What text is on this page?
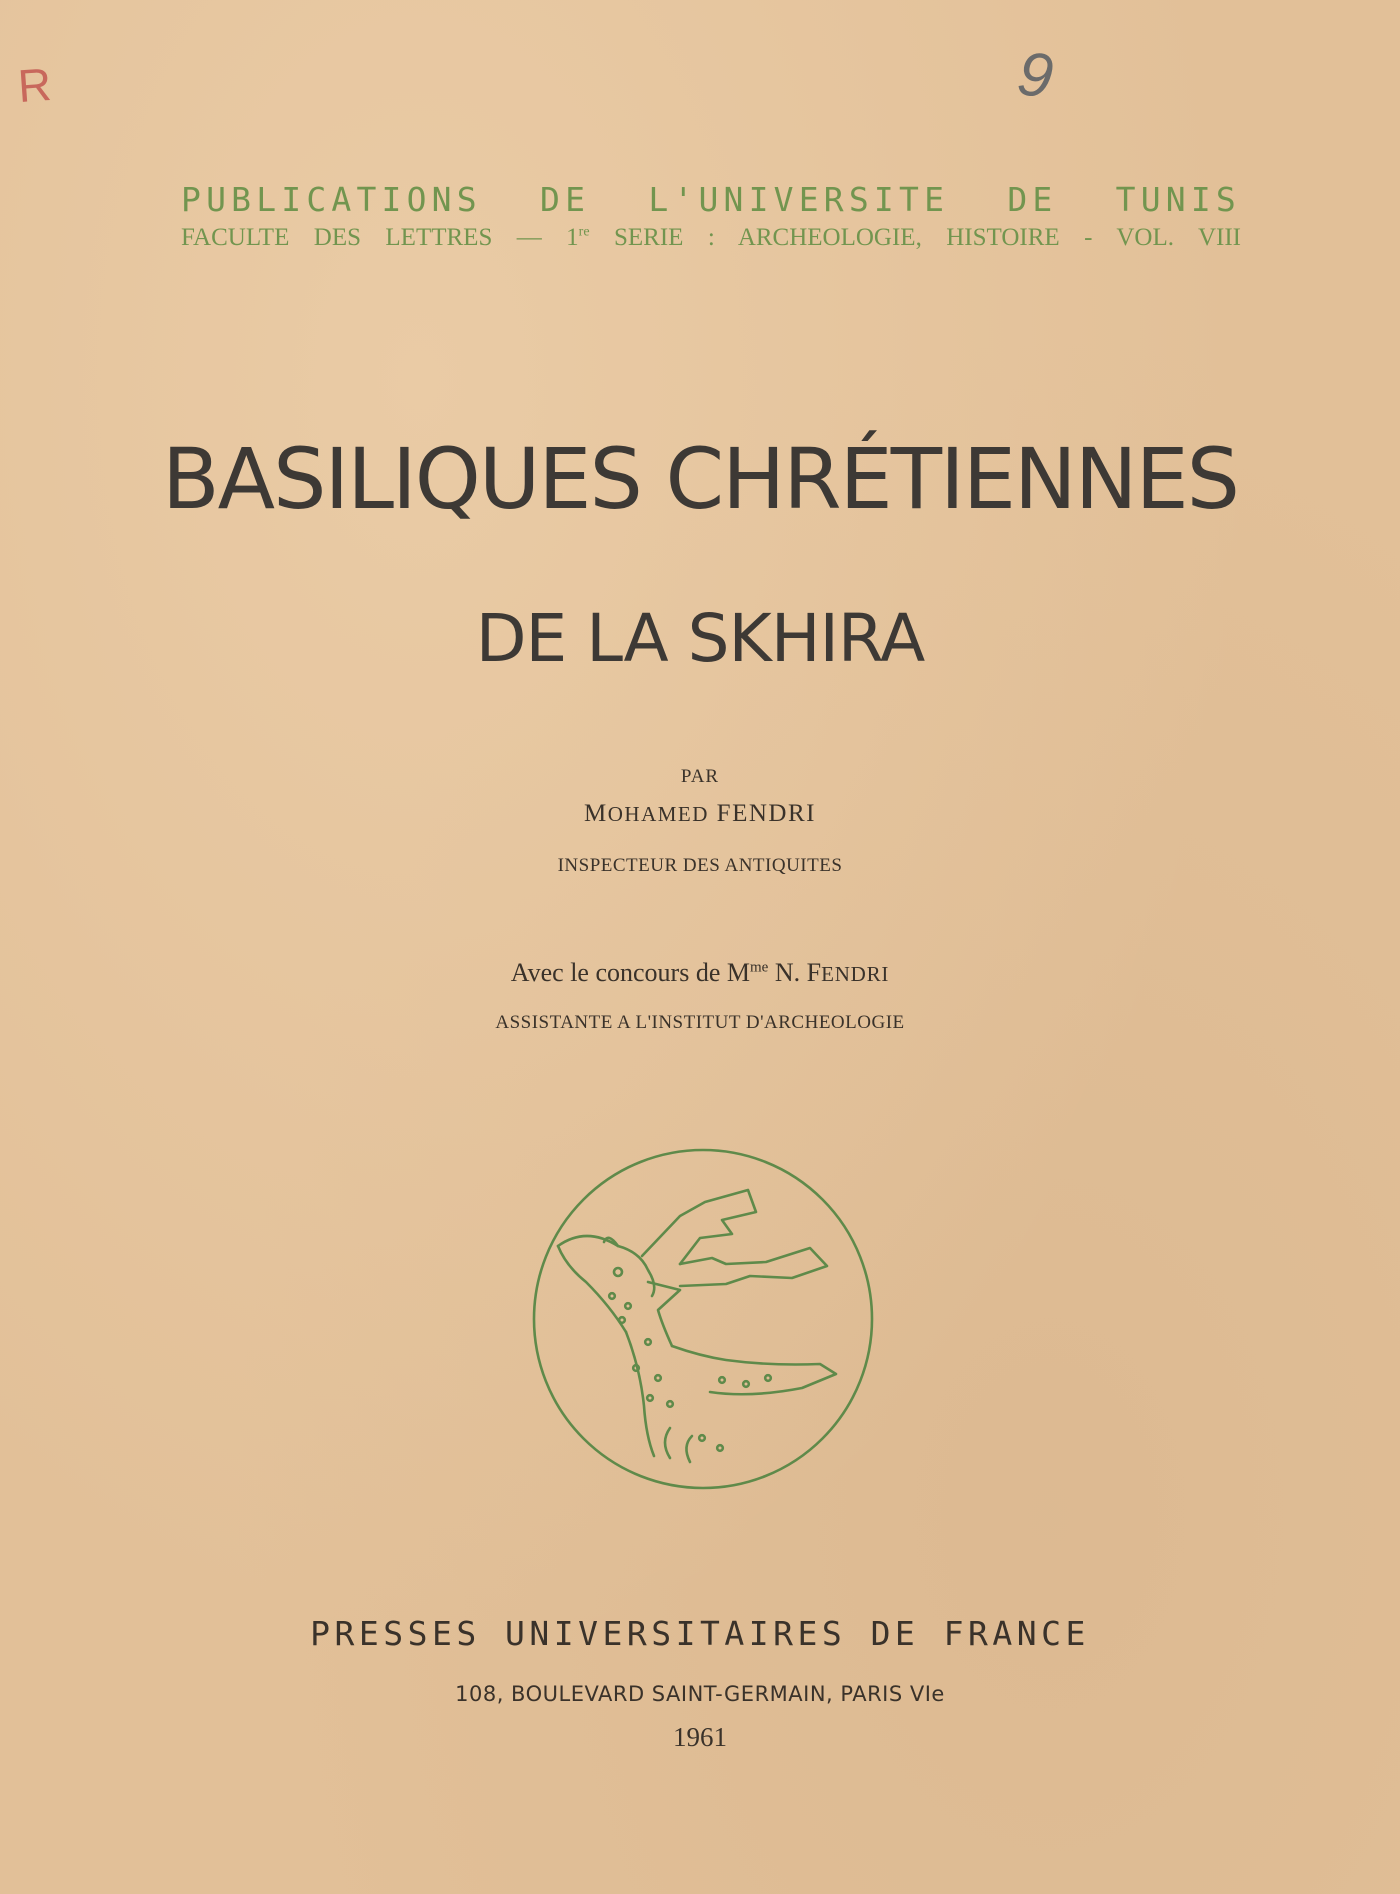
R	9
PUBLICATIONS DE L'UNIVERSITE DE TUNIS
FACULTE DES LETTRES — 1re SERIE : ARCHEOLOGIE, HISTOIRE - VOL. VIII
BASILIQUES CHRÉTIENNES
DE LA SKHIRA
PAR
MOHAMED FENDRI
INSPECTEUR DES ANTIQUITES
Avec le concours de $M^{me}$ N. FENDRI
ASSISTANTE A L'INSTITUT D'ARCHEOLOGIE
PRESSES UNIVERSITAIRES DE FRANCE
108, BOULEVARD SAINT-GERMAIN, PARIS VIe
1961
